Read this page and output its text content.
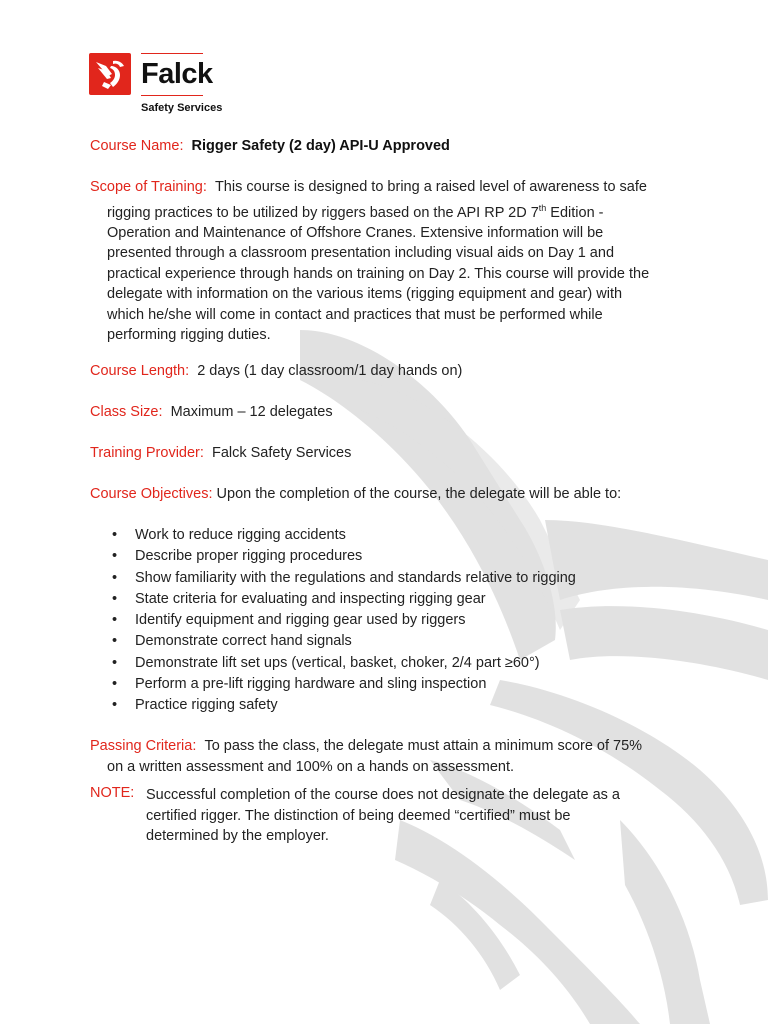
Falck
Safety Services
Course Name: Rigger Safety (2 day) API-U Approved
Scope of Training: This course is designed to bring a raised level of awareness to safe
rigging practices to be utilized by riggers based on the API RP 2D 7th Edition -
Operation and Maintenance of Offshore Cranes. Extensive information will be
presented through a classroom presentation including visual aids on Day 1 and
practical experience through hands on training on Day 2. This course will provide the
delegate with information on the various items (rigging equipment and gear) with
which he/she will come in contact and practices that must be performed while
performing rigging duties.
Course Length: 2 days (1 day classroom/1 day hands on)
Class Size: Maximum – 12 delegates
Training Provider: Falck Safety Services
Course Objectives: Upon the completion of the course, the delegate will be able to:
• Work to reduce rigging accidents
• Describe proper rigging procedures
• Show familiarity with the regulations and standards relative to rigging
• State criteria for evaluating and inspecting rigging gear
• Identify equipment and rigging gear used by riggers
• Demonstrate correct hand signals
• Demonstrate lift set ups (vertical, basket, choker, 2/4 part ≥60°)
• Perform a pre-lift rigging hardware and sling inspection
• Practice rigging safety
Passing Criteria: To pass the class, the delegate must attain a minimum score of 75%
on a written assessment and 100% on a hands on assessment.
NOTE: Successful completion of the course does not designate the delegate as a
certified rigger. The distinction of being deemed “certified” must be
determined by the employer.
